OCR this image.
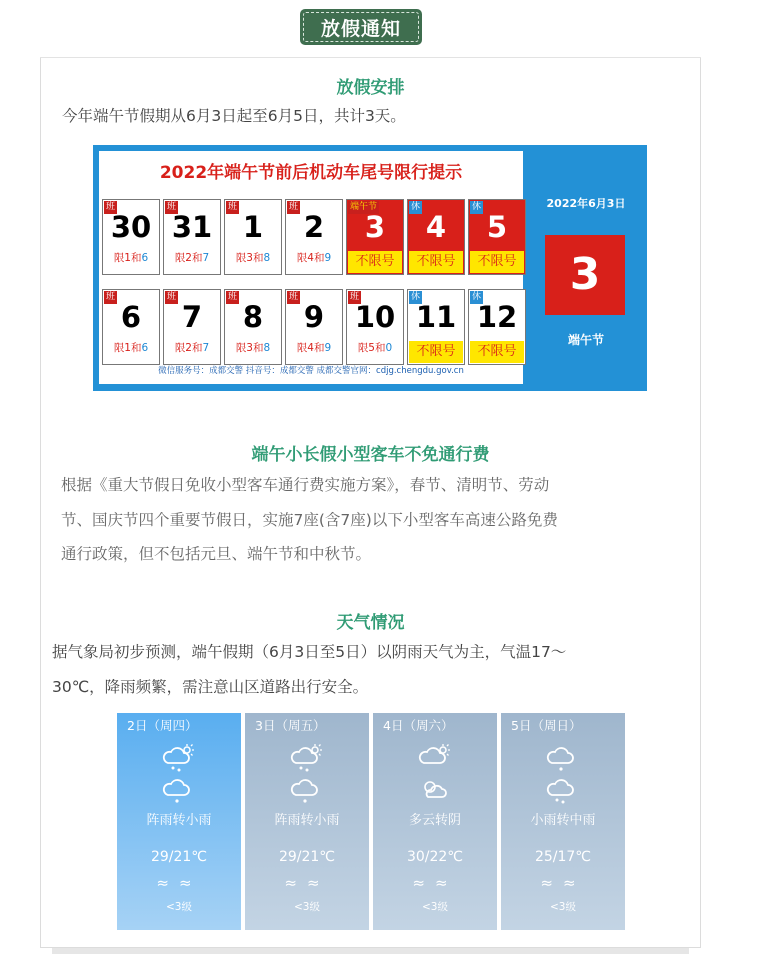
放假通知
放假安排
今年端午节假期从6月3日起至6月5日，共计3天。
2022年端午节前后机动车尾号限行提示
班
30
限1和6
班
31
限2和7
班
1
限3和8
班
2
限4和9
端午节
3
不限号
休
4
不限号
休
5
不限号
班
6
限1和6
班
7
限2和7
班
8
限3和8
班
9
限4和9
班
10
限5和0
休
11
不限号
休
12
不限号
微信服务号：成都交警 抖音号：成都交警 成都交警官网：cdjg.chengdu.gov.cn
2022年6月3日
3
端午节
端午小长假小型客车不免通行费
根据《重大节假日免收小型客车通行费实施方案》，春节、清明节、劳动
节、国庆节四个重要节假日，实施7座(含7座)以下小型客车高速公路免费
通行政策，但不包括元旦、端午节和中秋节。
天气情况
据气象局初步预测，端午假期（6月3日至5日）以阴雨天气为主，气温17～
30℃，降雨频繁，需注意山区道路出行安全。
2日（周四）
阵雨转小雨
29/21℃
≈≈
<3级
3日（周五）
阵雨转小雨
29/21℃
≈≈
<3级
4日（周六）
多云转阴
30/22℃
≈≈
<3级
5日（周日）
小雨转中雨
25/17℃
≈≈
<3级
